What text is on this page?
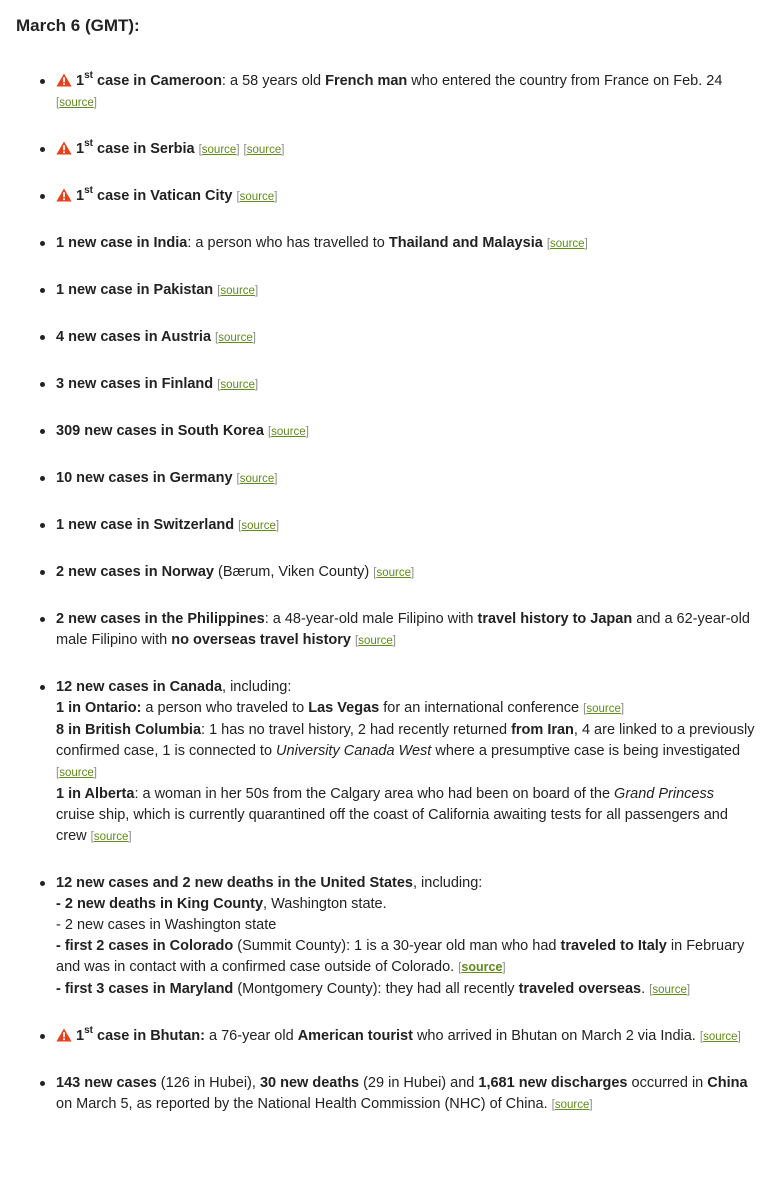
March 6 (GMT):
1st case in Cameroon: a 58 years old French man who entered the country from France on Feb. 24 [source]
1st case in Serbia [source] [source]
1st case in Vatican City [source]
1 new case in India: a person who has travelled to Thailand and Malaysia [source]
1 new case in Pakistan [source]
4 new cases in Austria [source]
3 new cases in Finland [source]
309 new cases in South Korea [source]
10 new cases in Germany [source]
1 new case in Switzerland [source]
2 new cases in Norway (Bærum, Viken County) [source]
2 new cases in the Philippines: a 48-year-old male Filipino with travel history to Japan and a 62-year-old male Filipino with no overseas travel history [source]
12 new cases in Canada, including:
1 in Ontario: a person who traveled to Las Vegas for an international conference [source]
8 in British Columbia: 1 has no travel history, 2 had recently returned from Iran, 4 are linked to a previously confirmed case, 1 is connected to University Canada West where a presumptive case is being investigated [source]
1 in Alberta: a woman in her 50s from the Calgary area who had been on board of the Grand Princess cruise ship, which is currently quarantined off the coast of California awaiting tests for all passengers and crew [source]
12 new cases and 2 new deaths in the United States, including:
- 2 new deaths in King County, Washington state.
- 2 new cases in Washington state
- first 2 cases in Colorado (Summit County): 1 is a 30-year old man who had traveled to Italy in February and was in contact with a confirmed case outside of Colorado. [source]
- first 3 cases in Maryland (Montgomery County): they had all recently traveled overseas. [source]
1st case in Bhutan: a 76-year old American tourist who arrived in Bhutan on March 2 via India. [source]
143 new cases (126 in Hubei), 30 new deaths (29 in Hubei) and 1,681 new discharges occurred in China on March 5, as reported by the National Health Commission (NHC) of China. [source]
